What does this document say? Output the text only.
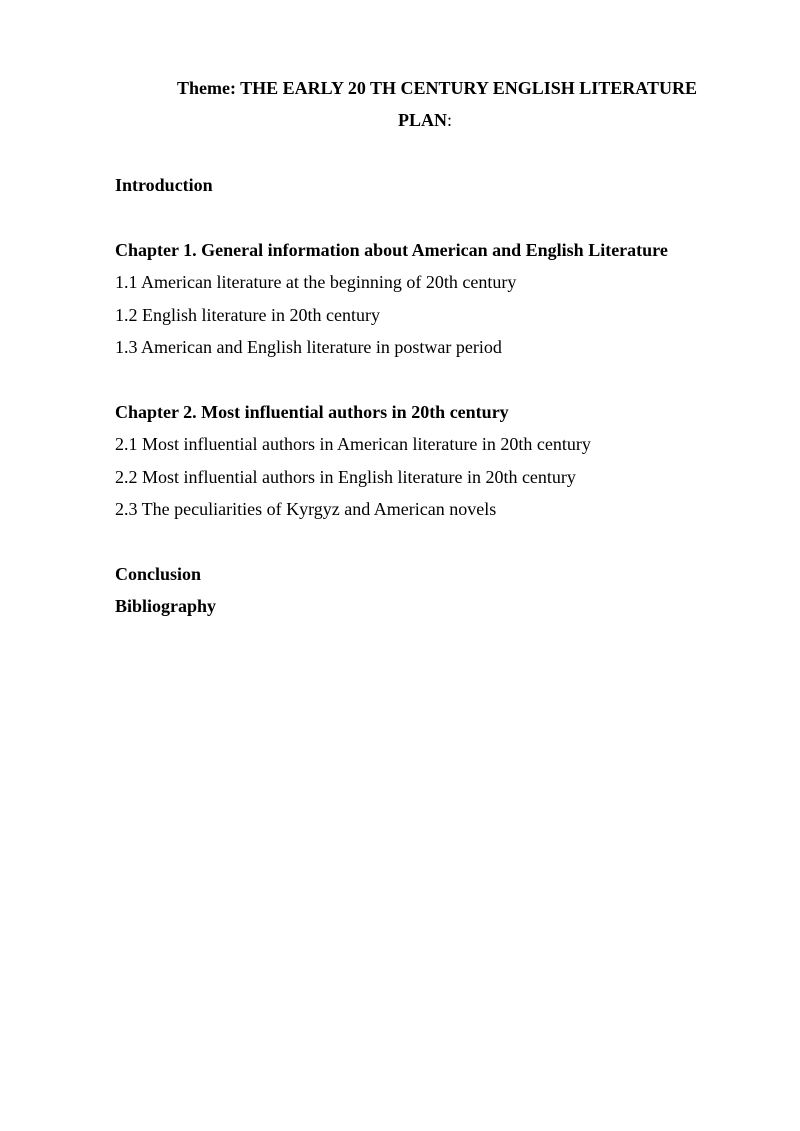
Theme: THE EARLY 20 TH CENTURY ENGLISH LITERATURE

PLAN:

Introduction

Chapter 1. General information about American and English Literature

1.1 American literature at the beginning of 20th century

1.2 English literature in 20th century

1.3 American and English literature in postwar period

Chapter 2. Most influential authors in 20th century

2.1 Most influential authors in American literature in 20th century

2.2 Most influential authors in English literature in 20th century

2.3 The peculiarities of Kyrgyz and American novels

Conclusion

Bibliography
